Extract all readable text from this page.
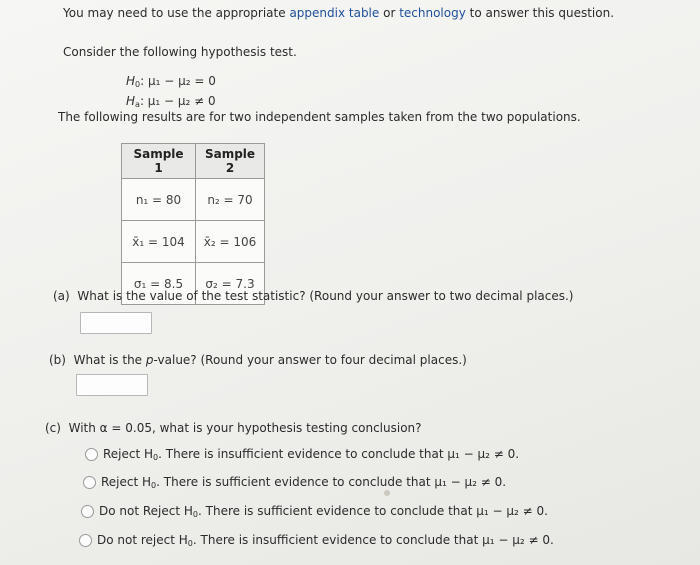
You may need to use the appropriate appendix table or technology to answer this question.
Consider the following hypothesis test.
$H_0$: μ₁ − μ₂ = 0
$H_a$: μ₁ − μ₂ ≠ 0
The following results are for two independent samples taken from the two populations.
Sample 1	Sample 2
n₁ = 80	n₂ = 70
x̄₁ = 104	x̄₂ = 106
σ₁ = 8.5	σ₂ = 7.3
(a) What is the value of the test statistic? (Round your answer to two decimal places.)
(b) What is the p-value? (Round your answer to four decimal places.)
(c) With α = 0.05, what is your hypothesis testing conclusion?
Reject $H_0$. There is insufficient evidence to conclude that μ₁ − μ₂ ≠ 0.
Reject $H_0$. There is sufficient evidence to conclude that μ₁ − μ₂ ≠ 0.
Do not Reject $H_0$. There is sufficient evidence to conclude that μ₁ − μ₂ ≠ 0.
Do not reject $H_0$. There is insufficient evidence to conclude that μ₁ − μ₂ ≠ 0.
